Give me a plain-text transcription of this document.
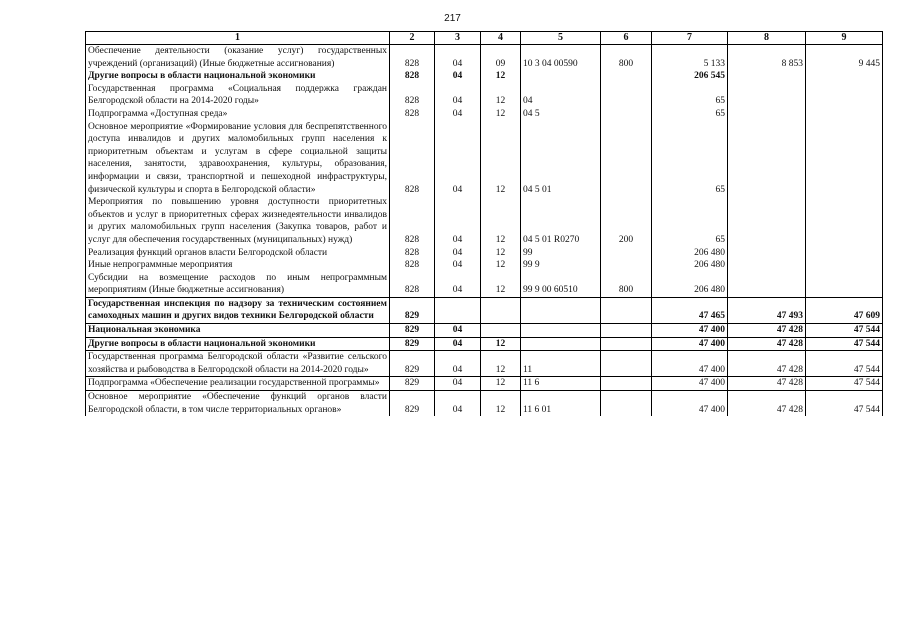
217
1	2	3	4	5	6	7	8	9
Обеспечение деятельности (оказание услуг) государственных учреждений (организаций) (Иные бюджетные ассигнования)	828	04	09	10 3 04 00590	800	5 133	8 853	9 445
Другие вопросы в области национальной экономики	828	04	12			206 545		
Государственная программа «Социальная поддержка граждан Белгородской области на 2014-2020 годы»	828	04	12	04		65		
Подпрограмма «Доступная среда»	828	04	12	04 5		65		
Основное мероприятие «Формирование условия для беспрепятственного доступа инвалидов и других маломобильных групп населения к приоритетным объектам и услугам в сфере социальной защиты населения, занятости, здравоохранения, культуры, образования, информации и связи, транспортной и пешеходной инфраструктуры, физической культуры и спорта в Белгородской области»	828	04	12	04 5 01		65		
Мероприятия по повышению уровня доступности приоритетных объектов и услуг в приоритетных сферах жизнедеятельности инвалидов и других маломобильных групп населения (Закупка товаров, работ и услуг для обеспечения государственных (муниципальных) нужд)	828	04	12	04 5 01 R0270	200	65		
Реализация функций органов власти Белгородской области	828	04	12	99		206 480		
Иные непрограммные мероприятия	828	04	12	99 9		206 480		
Субсидии на возмещение расходов по иным непрограммным мероприятиям (Иные бюджетные ассигнования)	828	04	12	99 9 00 60510	800	206 480		
Государственная инспекция по надзору за техническим состоянием самоходных машин и других видов техники Белгородской области	829					47 465	47 493	47 609
Национальная экономика	829	04				47 400	47 428	47 544
Другие вопросы в области национальной экономики	829	04	12			47 400	47 428	47 544
Государственная программа Белгородской области «Развитие сельского хозяйства и рыбоводства в Белгородской области на 2014-2020 годы»	829	04	12	11		47 400	47 428	47 544
Подпрограмма «Обеспечение реализации государственной программы»	829	04	12	11 6		47 400	47 428	47 544
Основное мероприятие «Обеспечение функций органов власти Белгородской области, в том числе территориальных органов»	829	04	12	11 6 01		47 400	47 428	47 544
